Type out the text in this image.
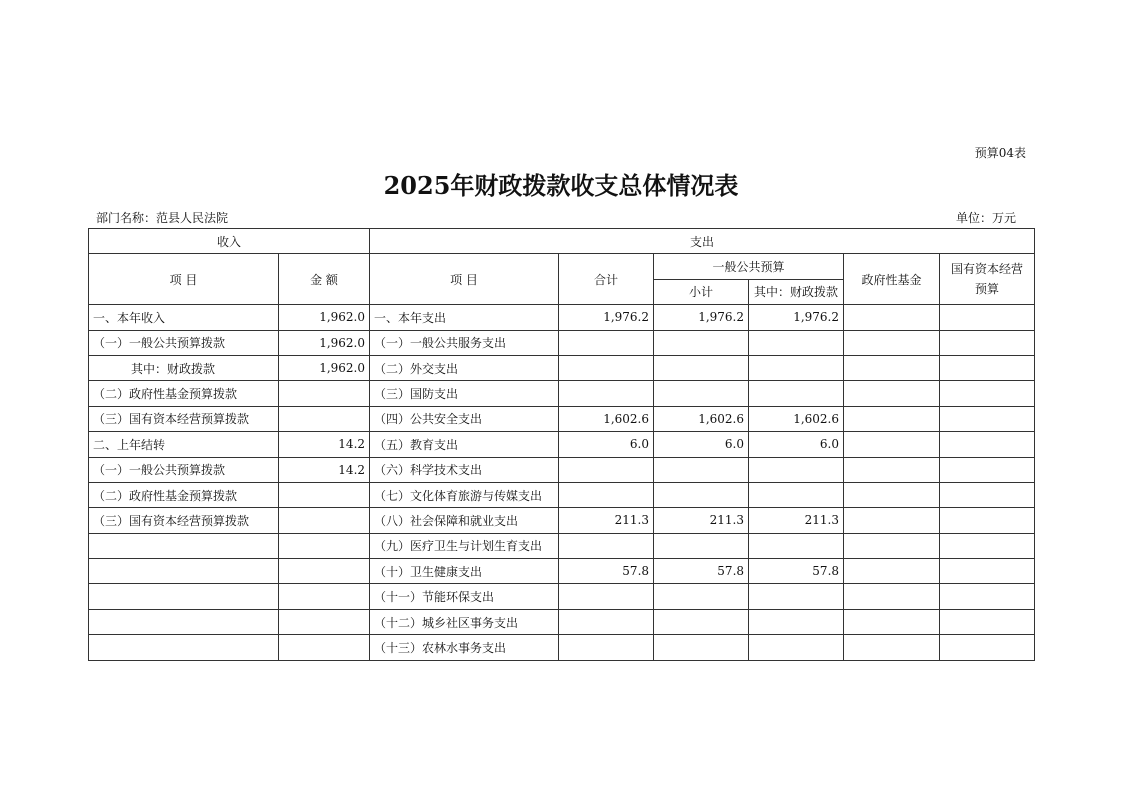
预算04表
2025年财政拨款收支总体情况表
部门名称：范县人民法院	单位：万元
收入		支出					
项 目	金 额	项 目	合计	一般公共预算		政府性基金	国有资本经营
预算
				小计	其中：财政拨款		
一、本年收入	1,962.0	一、本年支出	1,976.2	1,976.2	1,976.2		
（一）一般公共预算拨款	1,962.0	（一）一般公共服务支出					
其中：财政拨款	1,962.0	（二）外交支出					
（二）政府性基金预算拨款		（三）国防支出					
（三）国有资本经营预算拨款		（四）公共安全支出	1,602.6	1,602.6	1,602.6		
二、上年结转	14.2	（五）教育支出	6.0	6.0	6.0		
（一）一般公共预算拨款	14.2	（六）科学技术支出					
（二）政府性基金预算拨款		（七）文化体育旅游与传媒支出					
（三）国有资本经营预算拨款		（八）社会保障和就业支出	211.3	211.3	211.3		
		（九）医疗卫生与计划生育支出					
		（十）卫生健康支出	57.8	57.8	57.8		
		（十一）节能环保支出					
		（十二）城乡社区事务支出					
		（十三）农林水事务支出					
